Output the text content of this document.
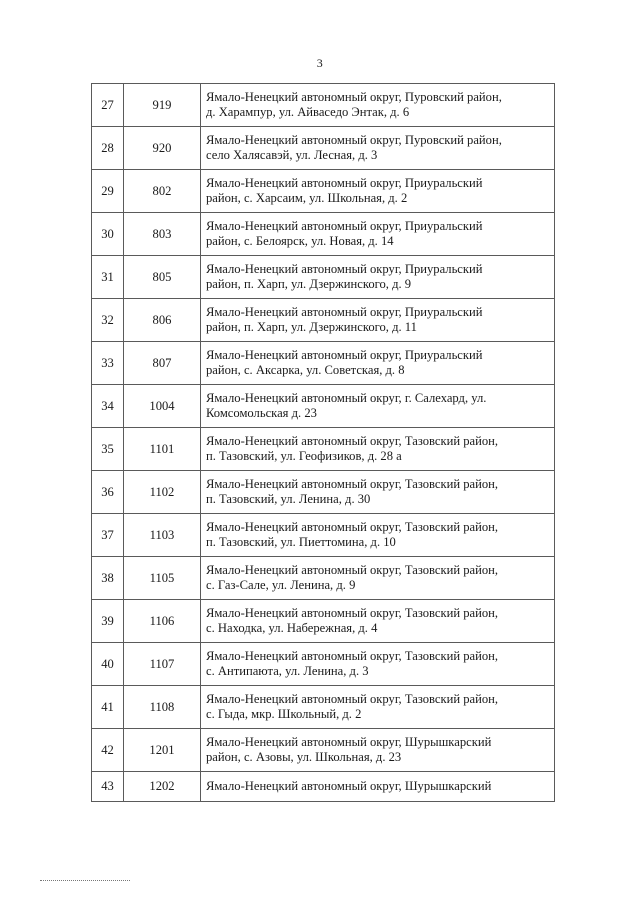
3
27	919	Ямало-Ненецкий автономный округ, Пуровский район,
д. Харампур, ул. Айваседо Энтак, д. 6
28	920	Ямало-Ненецкий автономный округ, Пуровский район,
село Халясавэй, ул. Лесная, д. 3
29	802	Ямало-Ненецкий автономный округ, Приуральский
район, с. Харсаим, ул. Школьная, д. 2
30	803	Ямало-Ненецкий автономный округ, Приуральский
район, с. Белоярск, ул. Новая, д. 14
31	805	Ямало-Ненецкий автономный округ, Приуральский
район, п. Харп, ул. Дзержинского, д. 9
32	806	Ямало-Ненецкий автономный округ, Приуральский
район, п. Харп, ул. Дзержинского, д. 11
33	807	Ямало-Ненецкий автономный округ, Приуральский
район, с. Аксарка, ул. Советская, д. 8
34	1004	Ямало-Ненецкий автономный округ, г. Салехард, ул.
Комсомольская д. 23
35	1101	Ямало-Ненецкий автономный округ, Тазовский район,
п. Тазовский, ул. Геофизиков, д. 28 а
36	1102	Ямало-Ненецкий автономный округ, Тазовский район,
п. Тазовский, ул. Ленина, д. 30
37	1103	Ямало-Ненецкий автономный округ, Тазовский район,
п. Тазовский, ул. Пиеттомина, д. 10
38	1105	Ямало-Ненецкий автономный округ, Тазовский район,
с. Газ-Сале, ул. Ленина, д. 9
39	1106	Ямало-Ненецкий автономный округ, Тазовский район,
с. Находка, ул. Набережная, д. 4
40	1107	Ямало-Ненецкий автономный округ, Тазовский район,
с. Антипаюта, ул. Ленина, д. 3
41	1108	Ямало-Ненецкий автономный округ, Тазовский район,
с. Гыда, мкр. Школьный, д. 2
42	1201	Ямало-Ненецкий автономный округ, Шурышкарский
район, с. Азовы, ул. Школьная, д. 23
43	1202	Ямало-Ненецкий автономный округ, Шурышкарский
